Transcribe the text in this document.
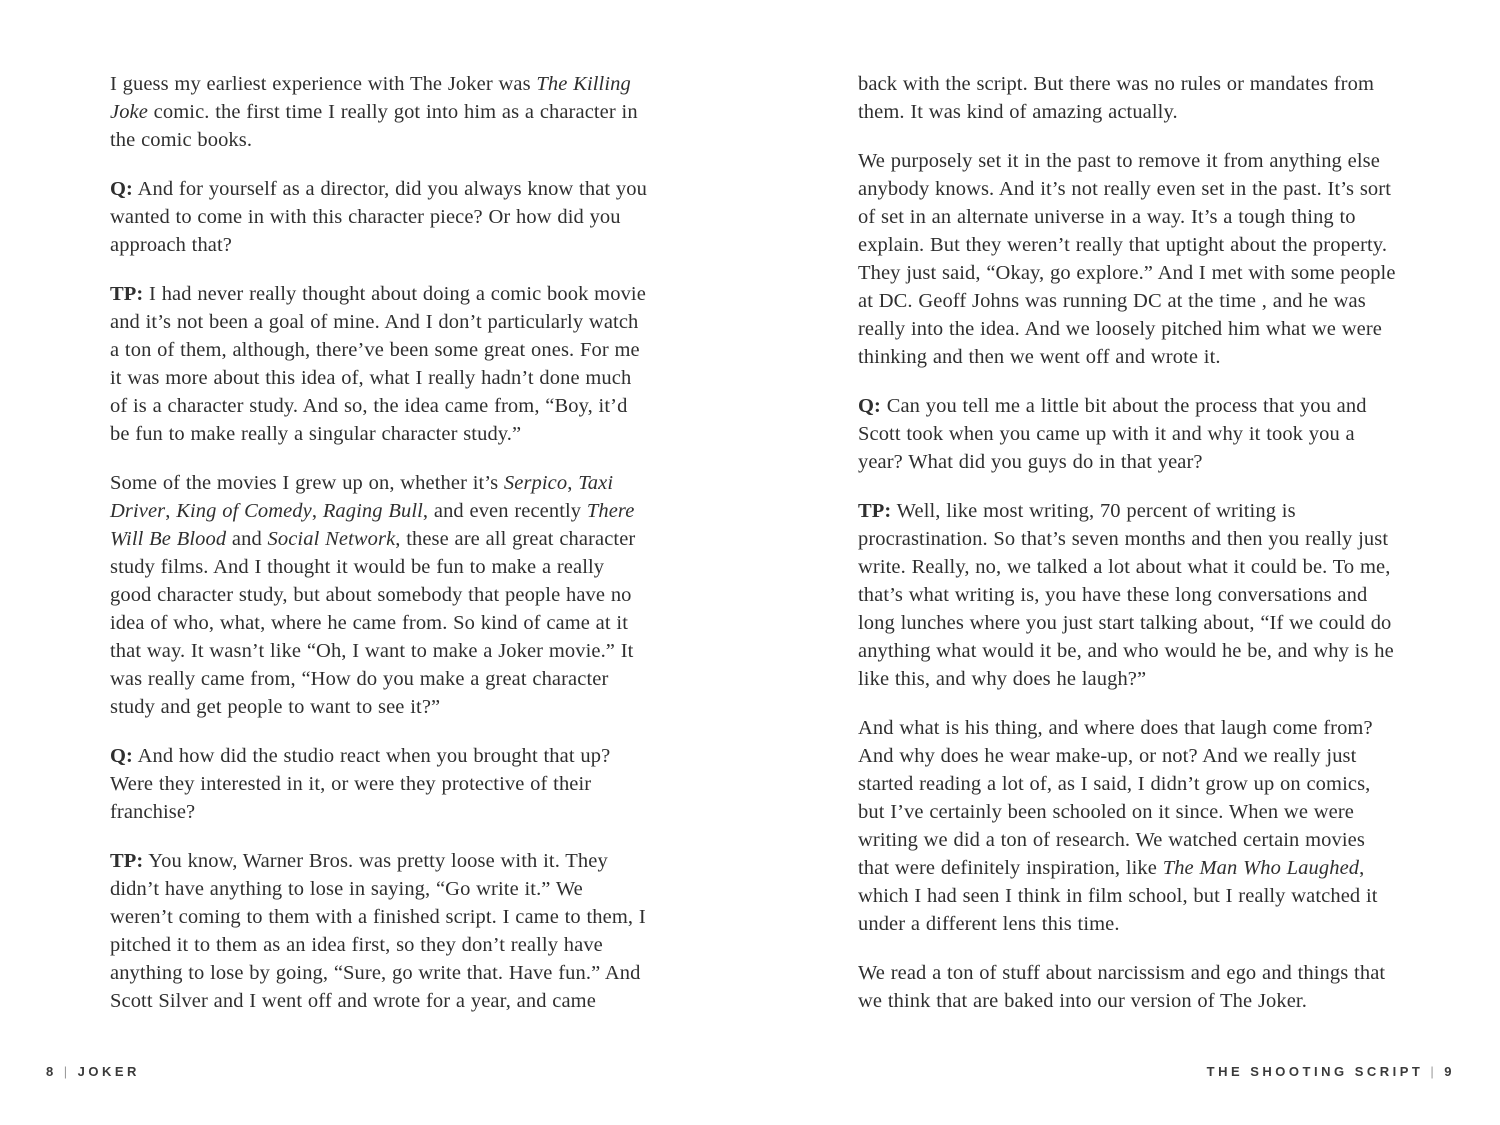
I guess my earliest experience with The Joker was The Killing Joke comic. the first time I really got into him as a character in the comic books.

Q: And for yourself as a director, did you always know that you wanted to come in with this character piece? Or how did you approach that?

TP: I had never really thought about doing a comic book movie and it’s not been a goal of mine. And I don’t particularly watch a ton of them, although, there’ve been some great ones. For me it was more about this idea of, what I really hadn’t done much of is a character study. And so, the idea came from, “Boy, it’d be fun to make really a singular character study.”

Some of the movies I grew up on, whether it’s Serpico, Taxi Driver, King of Comedy, Raging Bull, and even recently There Will Be Blood and Social Network, these are all great character study films. And I thought it would be fun to make a really good character study, but about somebody that people have no idea of who, what, where he came from. So kind of came at it that way. It wasn’t like “Oh, I want to make a Joker movie.” It was really came from, “How do you make a great character study and get people to want to see it?”

Q: And how did the studio react when you brought that up? Were they interested in it, or were they protective of their franchise?

TP: You know, Warner Bros. was pretty loose with it. They didn’t have anything to lose in saying, “Go write it.” We weren’t coming to them with a finished script. I came to them, I pitched it to them as an idea first, so they don’t really have anything to lose by going, “Sure, go write that. Have fun.” And Scott Silver and I went off and wrote for a year, and came

back with the script. But there was no rules or mandates from them. It was kind of amazing actually.

We purposely set it in the past to remove it from anything else anybody knows. And it’s not really even set in the past. It’s sort of set in an alternate universe in a way. It’s a tough thing to explain. But they weren’t really that uptight about the property. They just said, “Okay, go explore.” And I met with some people at DC. Geoff Johns was running DC at the time , and he was really into the idea. And we loosely pitched him what we were thinking and then we went off and wrote it.

Q: Can you tell me a little bit about the process that you and Scott took when you came up with it and why it took you a year? What did you guys do in that year?

TP: Well, like most writing, 70 percent of writing is procrastination. So that’s seven months and then you really just write. Really, no, we talked a lot about what it could be. To me, that’s what writing is, you have these long conversations and long lunches where you just start talking about, “If we could do anything what would it be, and who would he be, and why is he like this, and why does he laugh?”

And what is his thing, and where does that laugh come from? And why does he wear make-up, or not? And we really just started reading a lot of, as I said, I didn’t grow up on comics, but I’ve certainly been schooled on it since. When we were writing we did a ton of research. We watched certain movies that were definitely inspiration, like The Man Who Laughed, which I had seen I think in film school, but I really watched it under a different lens this time.

We read a ton of stuff about narcissism and ego and things that we think that are baked into our version of The Joker.

8 | JOKER	THE SHOOTING SCRIPT | 9
